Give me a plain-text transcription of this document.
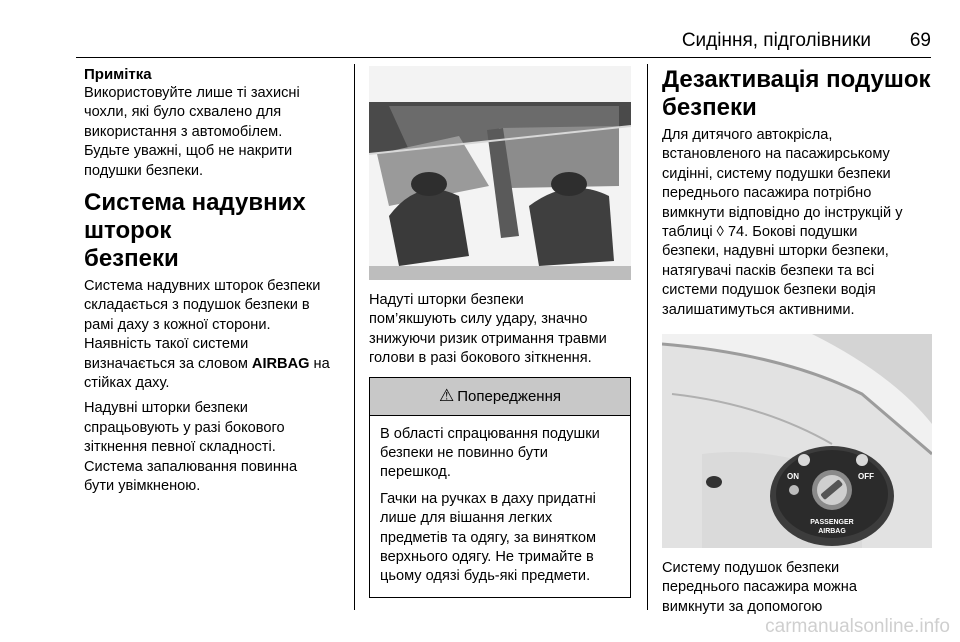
Сидіння, підголівники 69
Примітка
Використовуйте лише ті захисні
чохли, які було схвалено для
використання з автомобілем.
Будьте уважні, щоб не накрити
подушки безпеки.
Система надувних шторок
безпеки
Система надувних шторок безпеки
складається з подушок безпеки в
рамі даху з кожної сторони.
Наявність такої системи
визначається за словом AIRBAG на
стійках даху.
Надувні шторки безпеки
спрацьовують у разі бокового
зіткнення певної складності.
Система запалювання повинна
бути увімкненою.
Надуті шторки безпеки
пом’якшують силу удару, значно
знижуючи ризик отримання травми
голови в разі бокового зіткнення.
⚠ Попередження

В області спрацювання подушки
безпеки не повинно бути
перешкод.

Гачки на ручках в даху придатні
лише для вішання легких
предметів та одягу, за винятком
верхнього одягу. Не тримайте в
цьому одязі будь-які предмети.

Дезактивація подушок
безпеки
Для дитячого автокрісла,
встановленого на пасажирському
сидінні, систему подушки безпеки
переднього пасажира потрібно
вимкнути відповідно до інструкцій у
таблиці ◊ 74. Бокові подушки
безпеки, надувні шторки безпеки,
натягувачі пасків безпеки та всі
системи подушок безпеки водія
залишатимуться активними.
ON	OFF
PASSENGER
AIRBAG
Систему подушок безпеки
переднього пасажира можна
вимкнути за допомогою
carmanualsonline.info
